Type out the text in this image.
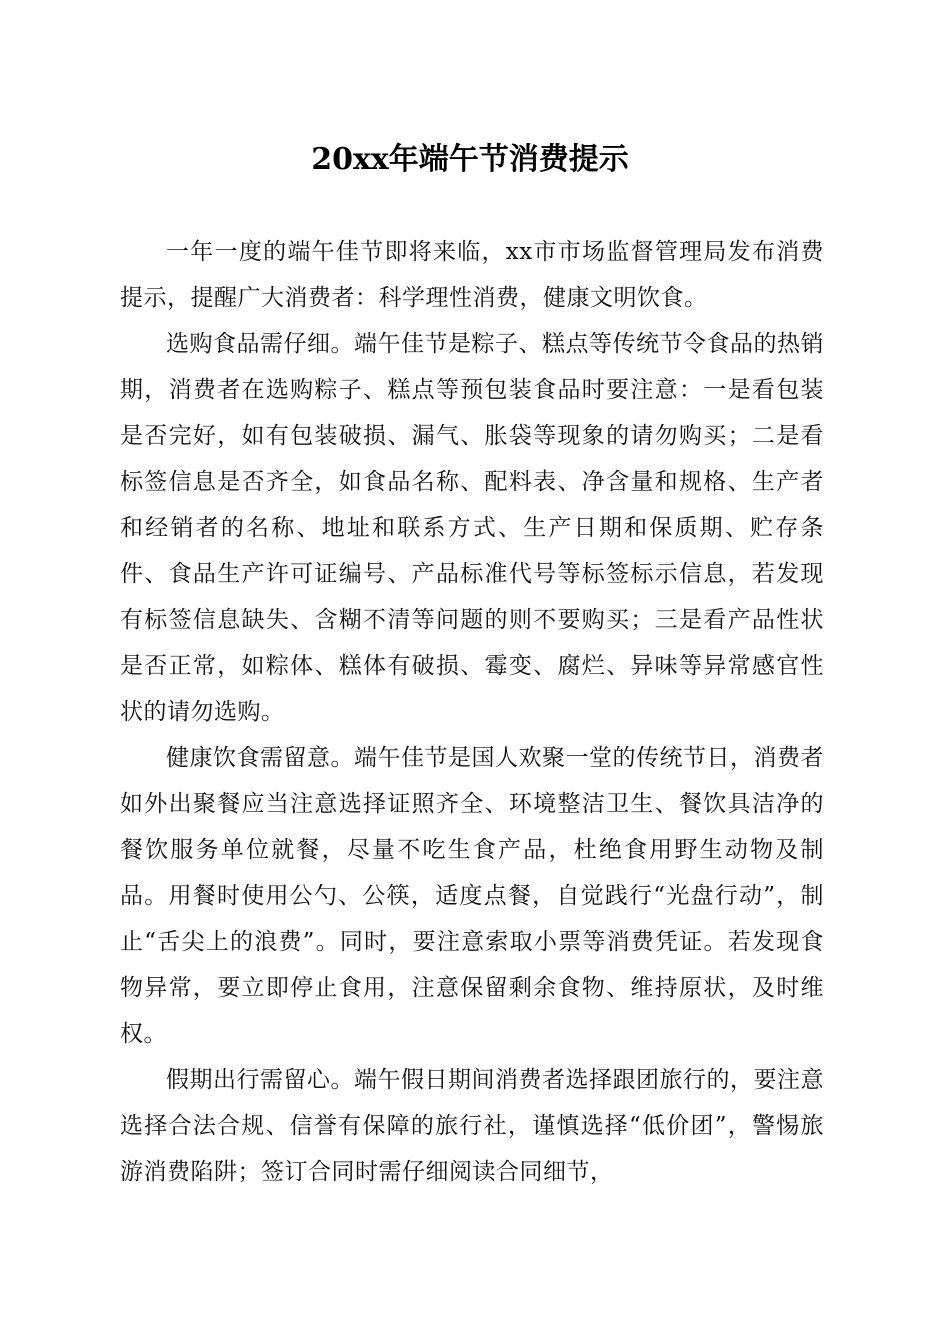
20xx年端午节消费提示

一年一度的端午佳节即将来临，xx市市场监督管理局发布消费提示，提醒广大消费者：科学理性消费，健康文明饮食。

选购食品需仔细。端午佳节是粽子、糕点等传统节令食品的热销期，消费者在选购粽子、糕点等预包装食品时要注意：一是看包装是否完好，如有包装破损、漏气、胀袋等现象的请勿购买；二是看标签信息是否齐全，如食品名称、配料表、净含量和规格、生产者和经销者的名称、地址和联系方式、生产日期和保质期、贮存条件、食品生产许可证编号、产品标准代号等标签标示信息，若发现有标签信息缺失、含糊不清等问题的则不要购买；三是看产品性状是否正常，如粽体、糕体有破损、霉变、腐烂、异味等异常感官性状的请勿选购。

健康饮食需留意。端午佳节是国人欢聚一堂的传统节日，消费者如外出聚餐应当注意选择证照齐全、环境整洁卫生、餐饮具洁净的餐饮服务单位就餐，尽量不吃生食产品，杜绝食用野生动物及制品。用餐时使用公勺、公筷，适度点餐，自觉践行“光盘行动”，制止“舌尖上的浪费”。同时，要注意索取小票等消费凭证。若发现食物异常，要立即停止食用，注意保留剩余食物、维持原状，及时维权。

假期出行需留心。端午假日期间消费者选择跟团旅行的，要注意选择合法合规、信誉有保障的旅行社，谨慎选择“低价团”，警惕旅游消费陷阱；签订合同时需仔细阅读合同细节，
